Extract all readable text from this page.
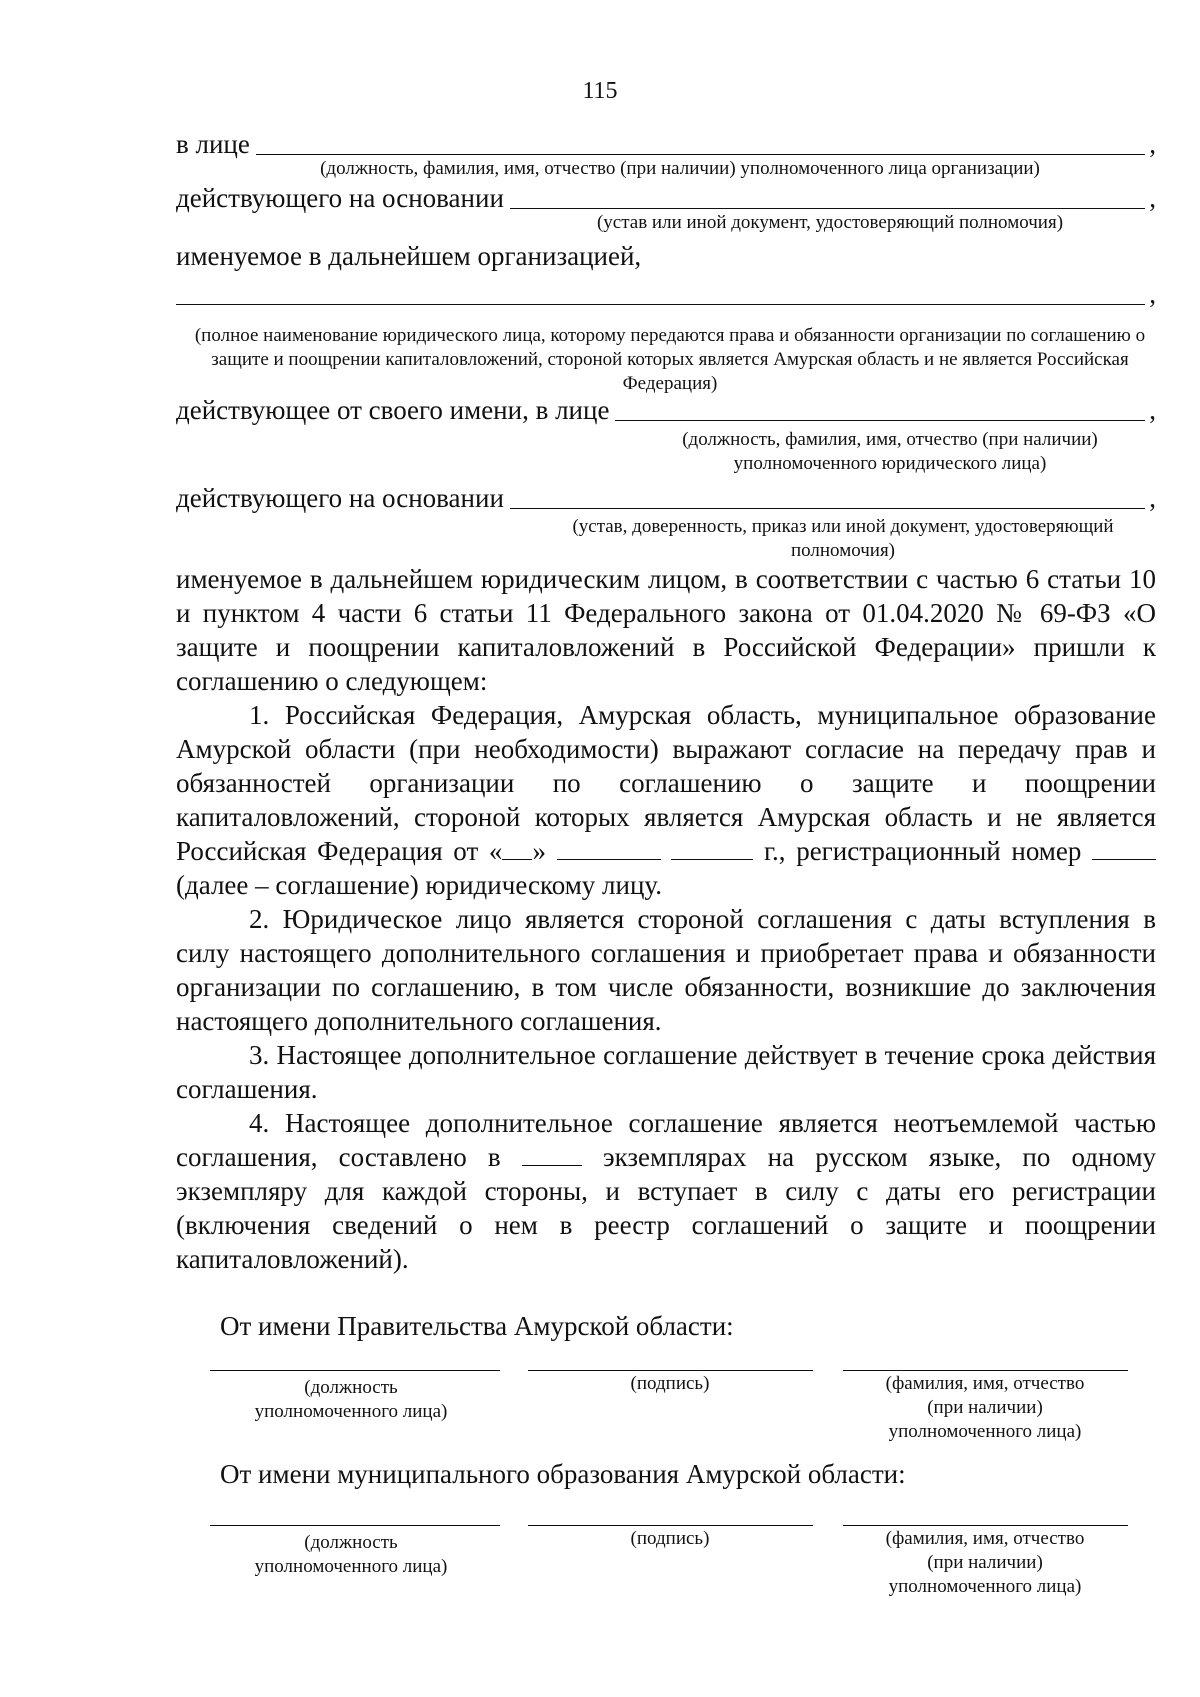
115
в лице	,
(должность, фамилия, имя, отчество (при наличии) уполномоченного лица организации)
действующего на основании	,
(устав или иной документ, удостоверяющий полномочия)
именуемое в дальнейшем организацией,
,
(полное наименование юридического лица, которому передаются права и обязанности организации по соглашению о защите и поощрении капиталовложений, стороной которых является Амурская область и не является Российская Федерация)
действующее от своего имени, в лице	,
(должность, фамилия, имя, отчество (при наличии) уполномоченного юридического лица)
действующего на основании	,
(устав, доверенность, приказ или иной документ, удостоверяющий полномочия)
именуемое в дальнейшем юридическим лицом, в соответствии с частью 6 статьи 10 и пунктом 4 части 6 статьи 11 Федерального закона от 01.04.2020 № 69-ФЗ «О защите и поощрении капиталовложений в Российской Федерации» пришли к соглашению о следующем:
1. Российская Федерация, Амурская область, муниципальное образование Амурской области (при необходимости) выражают согласие на передачу прав и обязанностей организации по соглашению о защите и поощрении капиталовложений, стороной которых является Амурская область и не является Российская Федерация от « »	г., регистрационный номер  (далее – соглашение) юридическому лицу.
2. Юридическое лицо является стороной соглашения с даты вступления в силу настоящего дополнительного соглашения и приобретает права и обязанности организации по соглашению, в том числе обязанности, возникшие до заключения настоящего дополнительного соглашения.
3. Настоящее дополнительное соглашение действует в течение срока действия соглашения.
4. Настоящее дополнительное соглашение является неотъемлемой частью соглашения, составлено в	экземплярах на русском языке, по одному экземпляру для каждой стороны, и вступает в силу с даты его регистрации (включения сведений о нем в реестр соглашений о защите и поощрении капиталовложений).
От имени Правительства Амурской области:
(должность уполномоченного лица)
(подпись)	(фамилия, имя, отчество (при наличии) уполномоченного лица)
От имени муниципального образования Амурской области:
(должность уполномоченного лица)
(подпись)	(фамилия, имя, отчество (при наличии) уполномоченного лица)
